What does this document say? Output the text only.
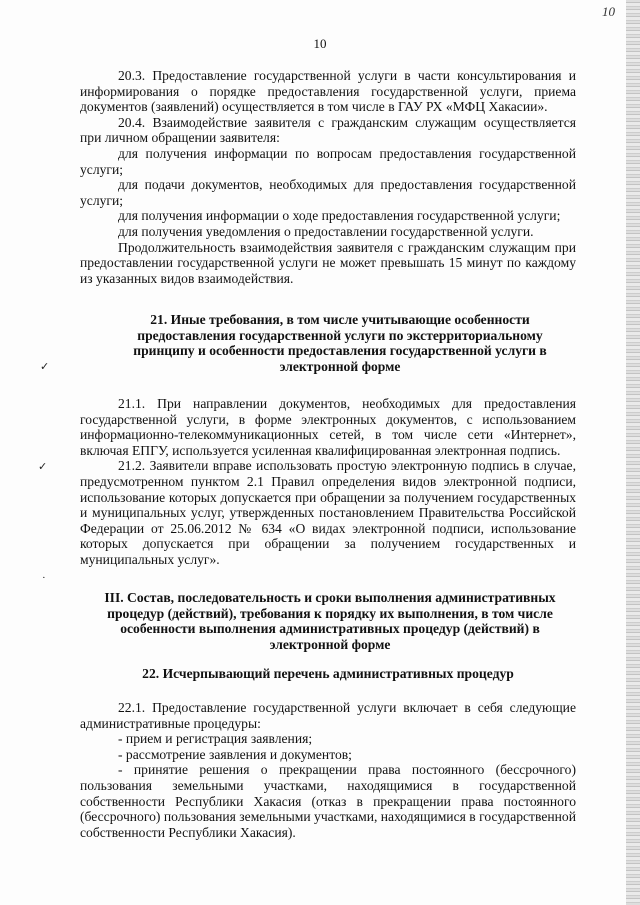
10
10

20.3. Предоставление государственной услуги в части консультирования и информирования о порядке предоставления государственной услуги, приема документов (заявлений) осуществляется в том числе в ГАУ РХ «МФЦ Хакасии».

20.4. Взаимодействие заявителя с гражданским служащим осуществляется при личном обращении заявителя:

для получения информации по вопросам предоставления государственной услуги;

для подачи документов, необходимых для предоставления государственной услуги;

для получения информации о ходе предоставления государственной услуги;

для получения уведомления о предоставлении государственной услуги.

Продолжительность взаимодействия заявителя с гражданским служащим при предоставлении государственной услуги не может превышать 15 минут по каждому из указанных видов взаимодействия.

21. Иные требования, в том числе учитывающие особенности предоставления государственной услуги по экстерриториальному принципу и особенности предоставления государственной услуги в электронной форме

21.1. При направлении документов, необходимых для предоставления государственной услуги, в форме электронных документов, с использованием информационно-телекоммуникационных сетей, в том числе сети «Интернет», включая ЕПГУ, используется усиленная квалифицированная электронная подпись.

21.2. Заявители вправе использовать простую электронную подпись в случае, предусмотренном пунктом 2.1 Правил определения видов электронной подписи, использование которых допускается при обращении за получением государственных и муниципальных услуг, утвержденных постановлением Правительства Российской Федерации от 25.06.2012 № 634 «О видах электронной подписи, использование которых допускается при обращении за получением государственных и муниципальных услуг».

III. Состав, последовательность и сроки выполнения административных процедур (действий), требования к порядку их выполнения, в том числе особенности выполнения административных процедур (действий) в электронной форме

22. Исчерпывающий перечень административных процедур

22.1. Предоставление государственной услуги включает в себя следующие административные процедуры:

- прием и регистрация заявления;

- рассмотрение заявления и документов;

- принятие решения о прекращении права постоянного (бессрочного) пользования земельными участками, находящимися в государственной собственности Республики Хакасия (отказ в прекращении права постоянного (бессрочного) пользования земельными участками, находящимися в государственной собственности Республики Хакасия).

✓
✓
·
